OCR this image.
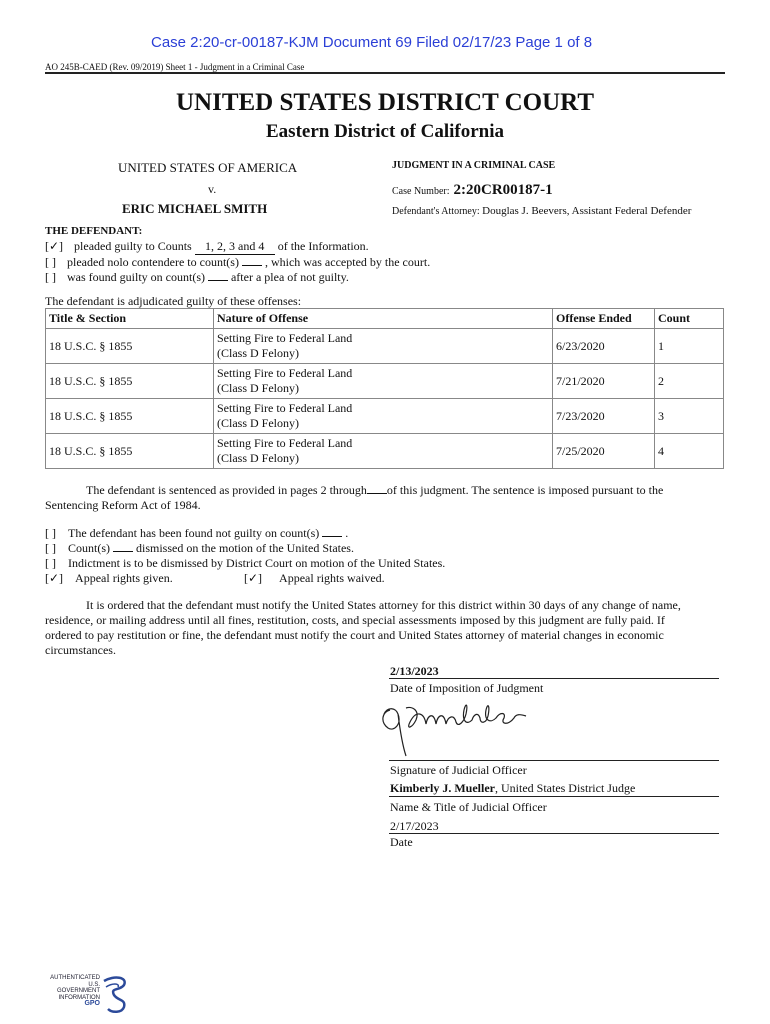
Case 2:20-cr-00187-KJM Document 69 Filed 02/17/23 Page 1 of 8
AO 245B-CAED (Rev. 09/2019) Sheet 1 - Judgment in a Criminal Case
UNITED STATES DISTRICT COURT
Eastern District of California
UNITED STATES OF AMERICA
v.
ERIC MICHAEL SMITH
JUDGMENT IN A CRIMINAL CASE
Case Number: 2:20CR00187-1
Defendant's Attorney: Douglas J. Beevers, Assistant Federal Defender
THE DEFENDANT:
[✓] pleaded guilty to Counts 1, 2, 3 and 4 of the Information.
[ ] pleaded nolo contendere to count(s) , which was accepted by the court.
[ ] was found guilty on count(s) after a plea of not guilty.
The defendant is adjudicated guilty of these offenses:
Title & Section	Nature of Offense	Offense Ended	Count
18 U.S.C. § 1855	Setting Fire to Federal Land
(Class D Felony)	6/23/2020	1
18 U.S.C. § 1855	Setting Fire to Federal Land
(Class D Felony)	7/21/2020	2
18 U.S.C. § 1855	Setting Fire to Federal Land
(Class D Felony)	7/23/2020	3
18 U.S.C. § 1855	Setting Fire to Federal Land
(Class D Felony)	7/25/2020	4
The defendant is sentenced as provided in pages 2 through of this judgment. The sentence is imposed pursuant to the
Sentencing Reform Act of 1984.
[ ] The defendant has been found not guilty on count(s) .
[ ] Count(s) dismissed on the motion of the United States.
[ ] Indictment is to be dismissed by District Court on motion of the United States.
[✓] Appeal rights given.	[✓] Appeal rights waived.
It is ordered that the defendant must notify the United States attorney for this district within 30 days of any change of name,
residence, or mailing address until all fines, restitution, costs, and special assessments imposed by this judgment are fully paid. If
ordered to pay restitution or fine, the defendant must notify the court and United States attorney of material changes in economic
circumstances.
2/13/2023
Date of Imposition of Judgment
Signature of Judicial Officer
Kimberly J. Mueller, United States District Judge
Name & Title of Judicial Officer
2/17/2023
Date
AUTHENTICATED
U.S. GOVERNMENT
INFORMATION
GPO
